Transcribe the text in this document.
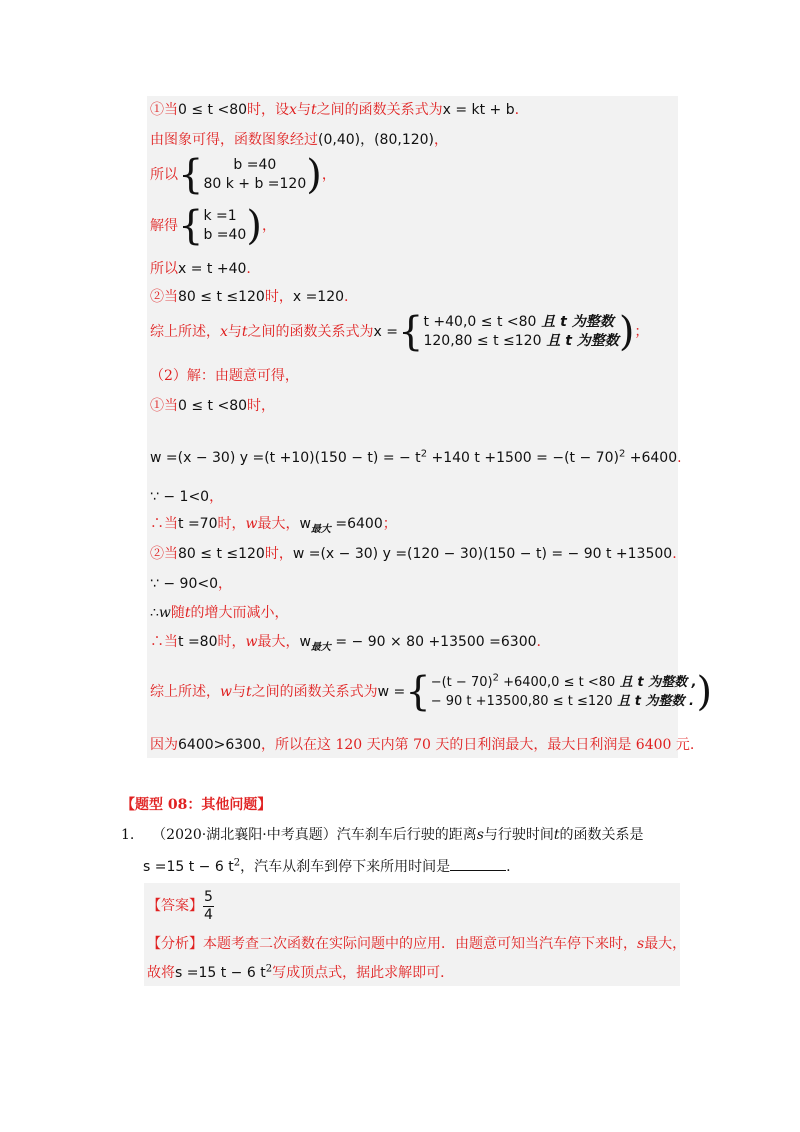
①当0 ≤ t <80时，设x与t之间的函数关系式为x = kt + b.
由图象可得，函数图象经过(0,40)，(80,120)，
所以{	b =40
80 k + b =120 )，
解得{ k =1
b =40 )，
所以x = t +40.
②当80 ≤ t ≤120时，x =120.
综上所述，x与t之间的函数关系式为x ={ t +40,0 ≤ t <80 且 t 为整数
120,80 ≤ t ≤120 且 t 为整数 )；
（2）解：由题意可得，
①当0 ≤ t <80时，
w =(x − 30) y =(t +10)(150 − t) = − $t^2 +140$ $t +1500 = -(t - 70)^2 +6400$.
∵ − 1<0，
∴当t =70时，w最大，$w_{最大} =6400$；
②当80 ≤ t ≤120时，w =(x − 30) y =(120 − 30)(150 − t) = − 90 t +13500.
∵ − 90<0，
∴w随t的增大而减小，
∴当t =80时，w最大，$w_{最大}$ = − 90 × 80 +13500 =6300.
综上所述，w与t之间的函数关系式为w ={ $-(t - 70)^2 +6400,0 \le t <80$ 且 t 为整数 ,
− 90 t +13500,80 ≤ t ≤120 且 t 为整数 . )
因为6400>6300，所以在这 120 天内第 70 天的日利润最大，最大日利润是 6400 元.
【题型 08：其他问题】
1. （2020·湖北襄阳·中考真题）汽车刹车后行驶的距离s与行驶时间t的函数关系是
s =15 t − 6 $t^2$，汽车从刹车到停下来所用时间是	.
【答案】 $\frac{5}{4}$
【分析】本题考查二次函数在实际问题中的应用．由题意可知当汽车停下来时，s最大，
故将s =15 t − 6 $t^2$写成顶点式，据此求解即可．
